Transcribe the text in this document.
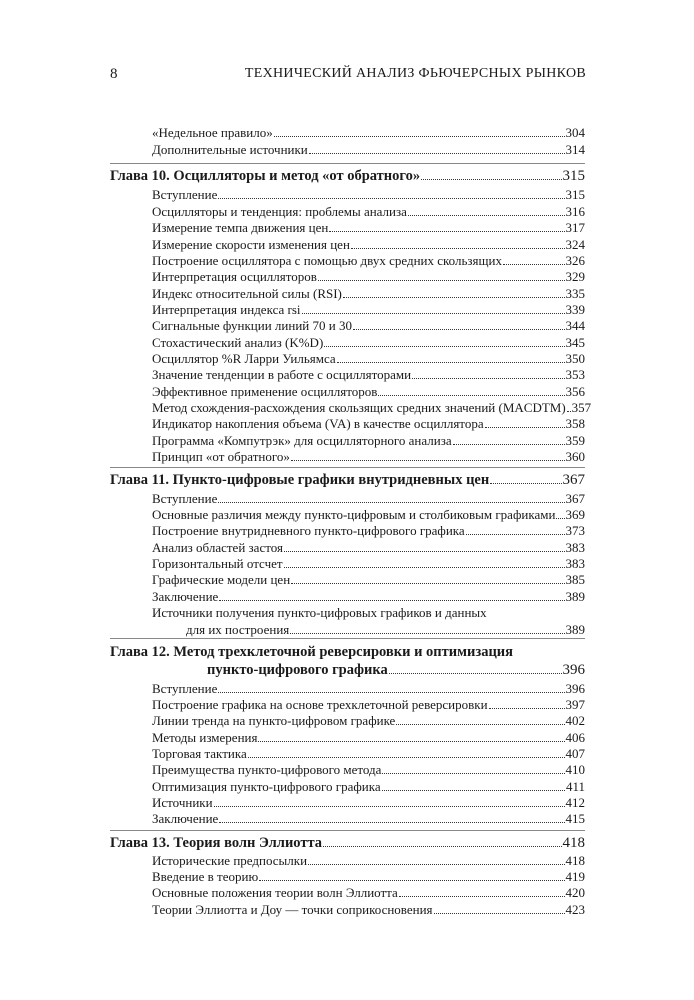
8	ТЕХНИЧЕСКИЙ АНАЛИЗ ФЬЮЧЕРСНЫХ РЫНКОВ
«Недельное правило»	304
Дополнительные источники	314
Глава 10. Осцилляторы и метод «от обратного»	315
Вступление	315
Осцилляторы и тенденция: проблемы анализа	316
Измерение темпа движения цен	317
Измерение скорости изменения цен	324
Построение осциллятора с помощью двух средних скользящих	326
Интерпретация осцилляторов	329
Индекс относительной силы (RSI)	335
Интерпретация индекса rsi	339
Сигнальные функции линий 70 и 30	344
Стохастический анализ (K%D)	345
Осциллятор %R Ларри Уильямса	350
Значение тенденции в работе с осцилляторами	353
Эффективное применение осцилляторов	356
Метод схождения-расхождения скользящих средних значений (MACDTM) 357
Индикатор накопления объема (VA) в качестве осциллятора	358
Программа «Компутрэк» для осцилляторного анализа	359
Принцип «от обратного»	360
Глава 11. Пункто-цифровые графики внутридневных цен	367
Вступление	367
Основные различия между пункто-цифровым и столбиковым графиками 369
Построение внутридневного пункто-цифрового графика	373
Анализ областей застоя	383
Горизонтальный отсчет	383
Графические модели цен	385
Заключение	389
Источники получения пункто-цифровых графиков и данных
для их построения	389
Глава 12. Метод трехклеточной реверсировки и оптимизация
пункто-цифрового графика	396
Вступление	396
Построение графика на основе трехклеточной реверсировки	397
Линии тренда на пункто-цифровом графике	402
Методы измерения	406
Торговая тактика	407
Преимущества пункто-цифрового метода	410
Оптимизация пункто-цифрового графика	411
Источники	412
Заключение	415
Глава 13. Теория волн Эллиотта	418
Исторические предпосылки	418
Введение в теорию	419
Основные положения теории волн Эллиотта	420
Теории Эллиотта и Доу — точки соприкосновения	423
